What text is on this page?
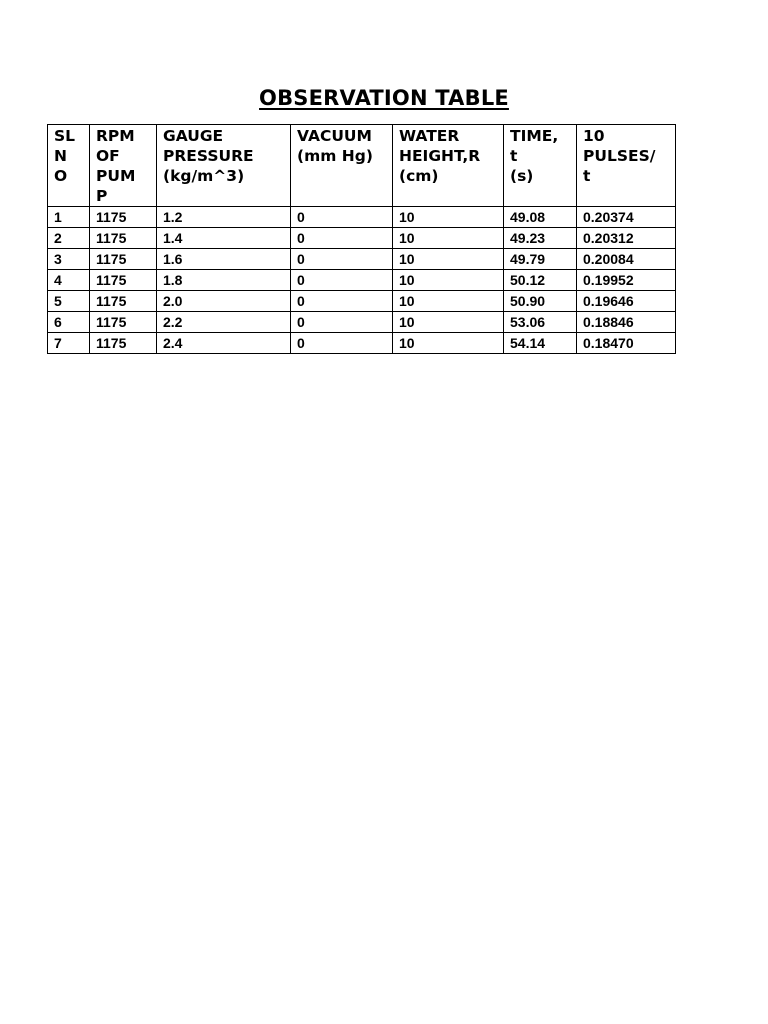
OBSERVATION TABLE
SL
N
O	RPM
OF
PUM
P	GAUGE
PRESSURE
(kg/m^3)	VACUUM
(mm Hg)	WATER
HEIGHT,R
(cm)	TIME,
t
(s)	10
PULSES/
t
1	1175	1.2	0	10	49.08	0.20374
2	1175	1.4	0	10	49.23	0.20312
3	1175	1.6	0	10	49.79	0.20084
4	1175	1.8	0	10	50.12	0.19952
5	1175	2.0	0	10	50.90	0.19646
6	1175	2.2	0	10	53.06	0.18846
7	1175	2.4	0	10	54.14	0.18470
